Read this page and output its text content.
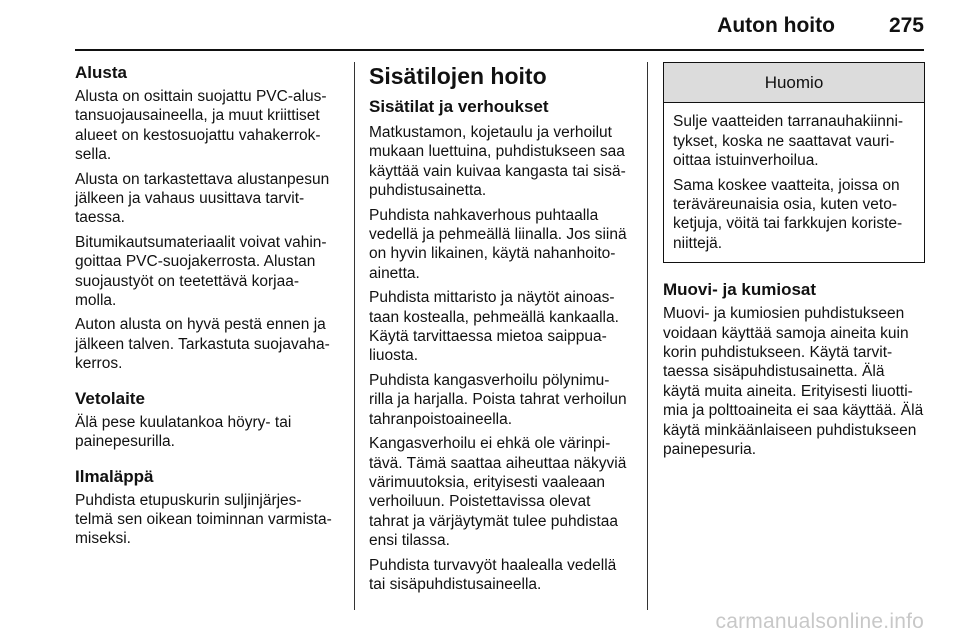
Auton hoito	275
Alusta

Alusta on osittain suojattu PVC-alus-
tansuojausaineella, ja muut kriittiset
alueet on kestosuojattu vahakerrok-
sella.

Alusta on tarkastettava alustanpesun
jälkeen ja vahaus uusittava tarvit-
taessa.

Bitumikautsumateriaalit voivat vahin-
goittaa PVC-suojakerrosta. Alustan
suojaustyöt on teetettävä korjaa-
molla.

Auton alusta on hyvä pestä ennen ja
jälkeen talven. Tarkastuta suojavaha-
kerros.

Vetolaite

Älä pese kuulatankoa höyry- tai
painepesurilla.

Ilmaläppä

Puhdista etupuskurin suljinjärjes-
telmä sen oikean toiminnan varmista-
miseksi.

Sisätilojen hoito
Sisätilat ja verhoukset

Matkustamon, kojetaulu ja verhoilut
mukaan luettuina, puhdistukseen saa
käyttää vain kuivaa kangasta tai sisä-
puhdistusainetta.

Puhdista nahkaverhous puhtaalla
vedellä ja pehmeällä liinalla. Jos siinä
on hyvin likainen, käytä nahanhoito-
ainetta.

Puhdista mittaristo ja näytöt ainoas-
taan kostealla, pehmeällä kankaalla.
Käytä tarvittaessa mietoa saippua-
liuosta.

Puhdista kangasverhoilu pölynimu-
rilla ja harjalla. Poista tahrat verhoilun
tahranpoistoaineella.

Kangasverhoilu ei ehkä ole värinpi-
tävä. Tämä saattaa aiheuttaa näkyviä
värimuutoksia, erityisesti vaaleaan
verhoiluun. Poistettavissa olevat
tahrat ja värjäytymät tulee puhdistaa
ensi tilassa.

Puhdista turvavyöt haalealla vedellä
tai sisäpuhdistusaineella.

Huomio

Sulje vaatteiden tarranauhakiinni-
tykset, koska ne saattavat vauri-
oittaa istuinverhoilua.

Sama koskee vaatteita, joissa on
teräväreunaisia osia, kuten veto-
ketjuja, vöitä tai farkkujen koriste-
niittejä.

Muovi- ja kumiosat

Muovi- ja kumiosien puhdistukseen
voidaan käyttää samoja aineita kuin
korin puhdistukseen. Käytä tarvit-
taessa sisäpuhdistusainetta. Älä
käytä muita aineita. Erityisesti liuotti-
mia ja polttoaineita ei saa käyttää. Älä
käytä minkäänlaiseen puhdistukseen
painepesuria.

carmanualsonline.info
